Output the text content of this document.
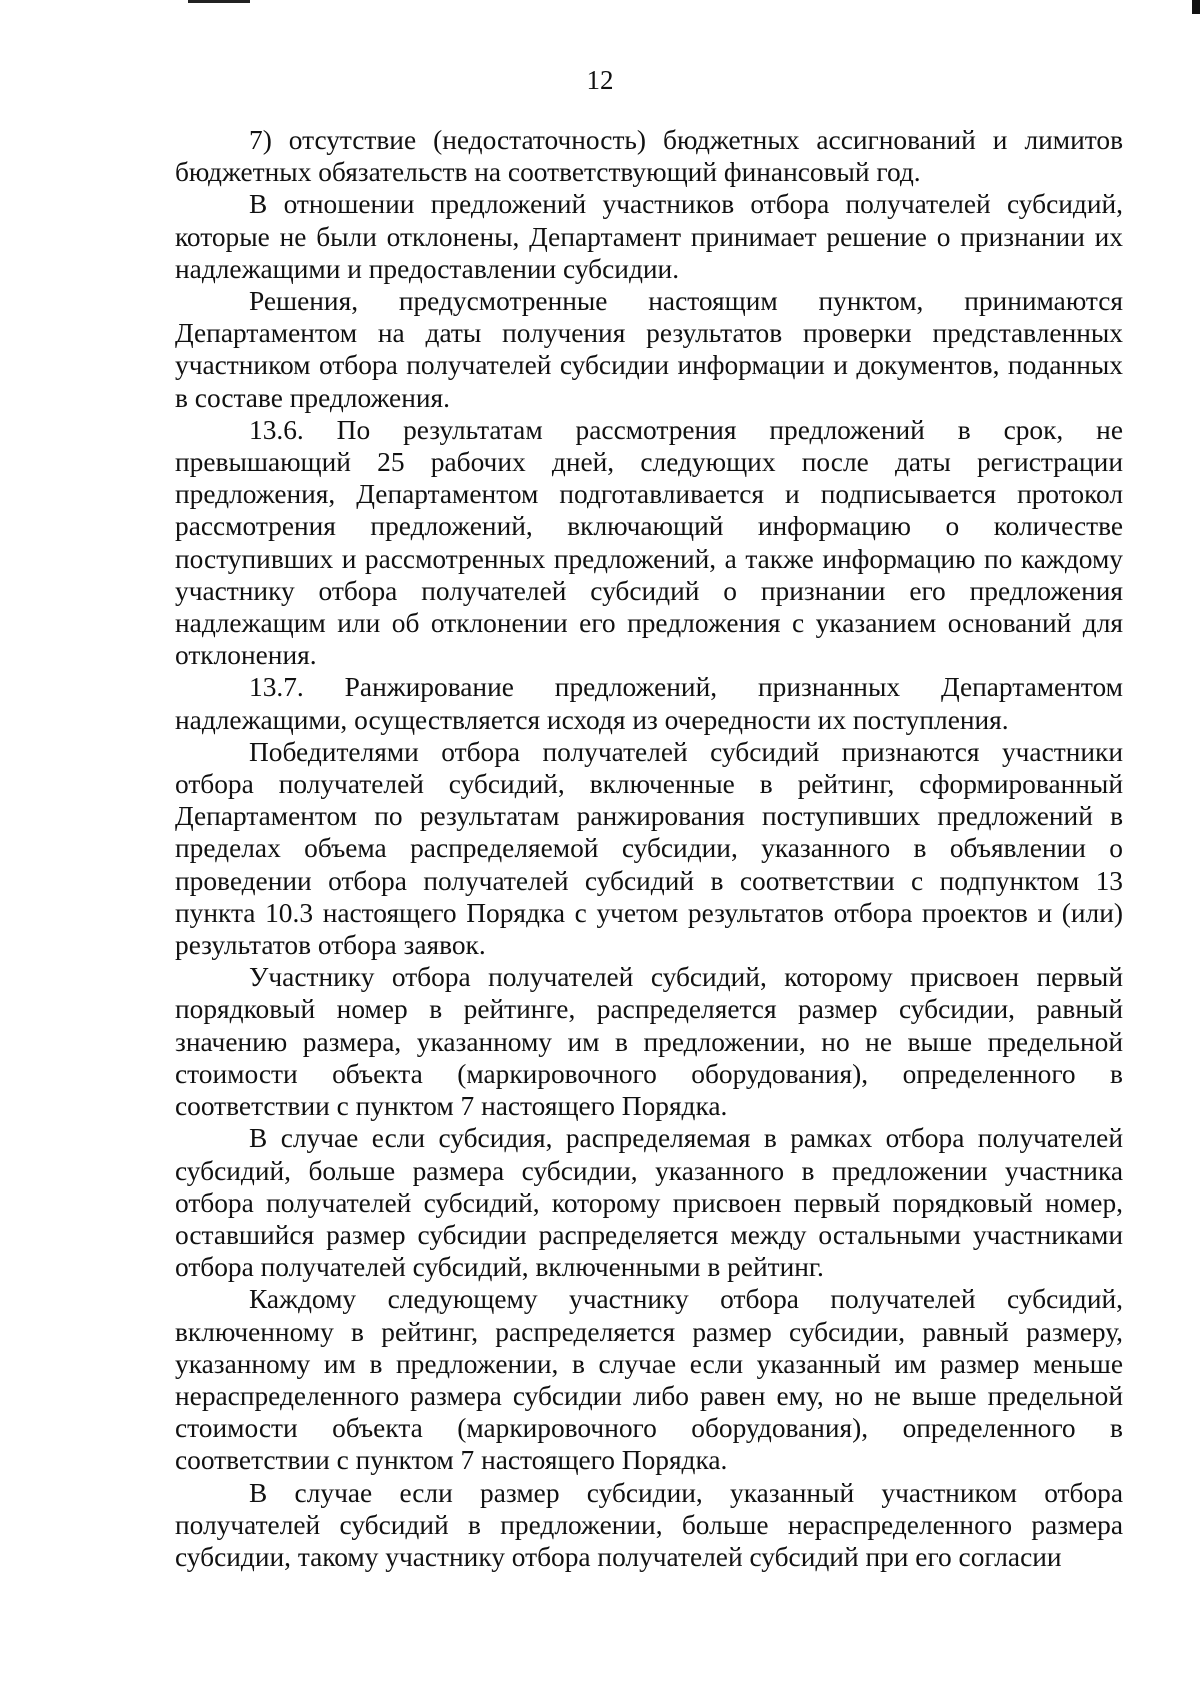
12

7) отсутствие (недостаточность) бюджетных ассигнований и лимитов бюджетных обязательств на соответствующий финансовый год.

В отношении предложений участников отбора получателей субсидий, которые не были отклонены, Департамент принимает решение о признании их надлежащими и предоставлении субсидии.

Решения, предусмотренные настоящим пунктом, принимаются Департаментом на даты получения результатов проверки представленных участником отбора получателей субсидии информации и документов, поданных в составе предложения.

13.6. По результатам рассмотрения предложений в срок, не превышающий 25 рабочих дней, следующих после даты регистрации предложения, Департаментом подготавливается и подписывается протокол рассмотрения предложений, включающий информацию о количестве поступивших и рассмотренных предложений, а также информацию по каждому участнику отбора получателей субсидий о признании его предложения надлежащим или об отклонении его предложения с указанием оснований для отклонения.

13.7. Ранжирование предложений, признанных Департаментом надлежащими, осуществляется исходя из очередности их поступления.

Победителями отбора получателей субсидий признаются участники отбора получателей субсидий, включенные в рейтинг, сформированный Департаментом по результатам ранжирования поступивших предложений в пределах объема распределяемой субсидии, указанного в объявлении о проведении отбора получателей субсидий в соответствии с подпунктом 13 пункта 10.3 настоящего Порядка с учетом результатов отбора проектов и (или) результатов отбора заявок.

Участнику отбора получателей субсидий, которому присвоен первый порядковый номер в рейтинге, распределяется размер субсидии, равный значению размера, указанному им в предложении, но не выше предельной стоимости объекта (маркировочного оборудования), определенного в соответствии с пунктом 7 настоящего Порядка.

В случае если субсидия, распределяемая в рамках отбора получателей субсидий, больше размера субсидии, указанного в предложении участника отбора получателей субсидий, которому присвоен первый порядковый номер, оставшийся размер субсидии распределяется между остальными участниками отбора получателей субсидий, включенными в рейтинг.

Каждому следующему участнику отбора получателей субсидий, включенному в рейтинг, распределяется размер субсидии, равный размеру, указанному им в предложении, в случае если указанный им размер меньше нераспределенного размера субсидии либо равен ему, но не выше предельной стоимости объекта (маркировочного оборудования), определенного в соответствии с пунктом 7 настоящего Порядка.

В случае если размер субсидии, указанный участником отбора получателей субсидий в предложении, больше нераспределенного размера субсидии, такому участнику отбора получателей субсидий при его согласии
